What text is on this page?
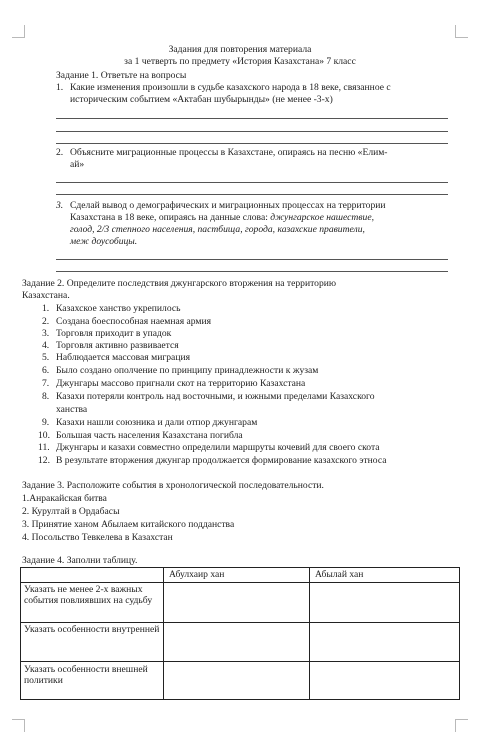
Задания для повторения материала
за 1 четверть по предмету «История Казахстана» 7 класс
Задание 1. Ответьте на вопросы
1. Какие изменения произошли в судьбе казахского народа в 18 веке, связанное с
историческим событием «Актабан шубырынды» (не менее -3-х)
2. Объясните миграционные процессы в Казахстане, опираясь на песню «Елим-
ай»
3. Сделай вывод о демографических и миграционных процессах на территории
Казахстана в 18 веке, опираясь на данные слова: джунгарское нашествие,
голод, 2/3 степного населения, пастбища, города, казахские правители,
меж доусобицы.
Задание 2. Определите последствия джунгарского вторжения на территорию
Казахстана.
1. Казахское ханство укрепилось
2. Создана боеспособная наемная армия
3. Торговля приходит в упадок
4. Торговля активно развивается
5. Наблюдается массовая миграция
6. Было создано ополчение по принципу принадлежности к жузам
7. Джунгары массово пригнали скот на территорию Казахстана
8. Казахи потеряли контроль над восточными, и южными пределами Казахского
9. Казахи нашли союзника и дали отпор джунгарам
10. Большая часть населения Казахстана погибла
11. Джунгары и казахи совместно определили маршруты кочевий для своего скота
12. В результате вторжения джунгар продолжается формирование казахского этноса
ханства
Задание 3. Расположите события в хронологической последовательности.
1.Анракайская битва
2. Курултай в Ордабасы
3. Принятие ханом Абылаем китайского подданства
4. Посольство Тевкелева в Казахстан
Задание 4. Заполни таблицу.
	Абулхаир хан	Абылай хан
Указать не менее 2-х важных события повлиявших на судьбу		
Указать особенности внутренней		
Указать особенности внешней политики		
